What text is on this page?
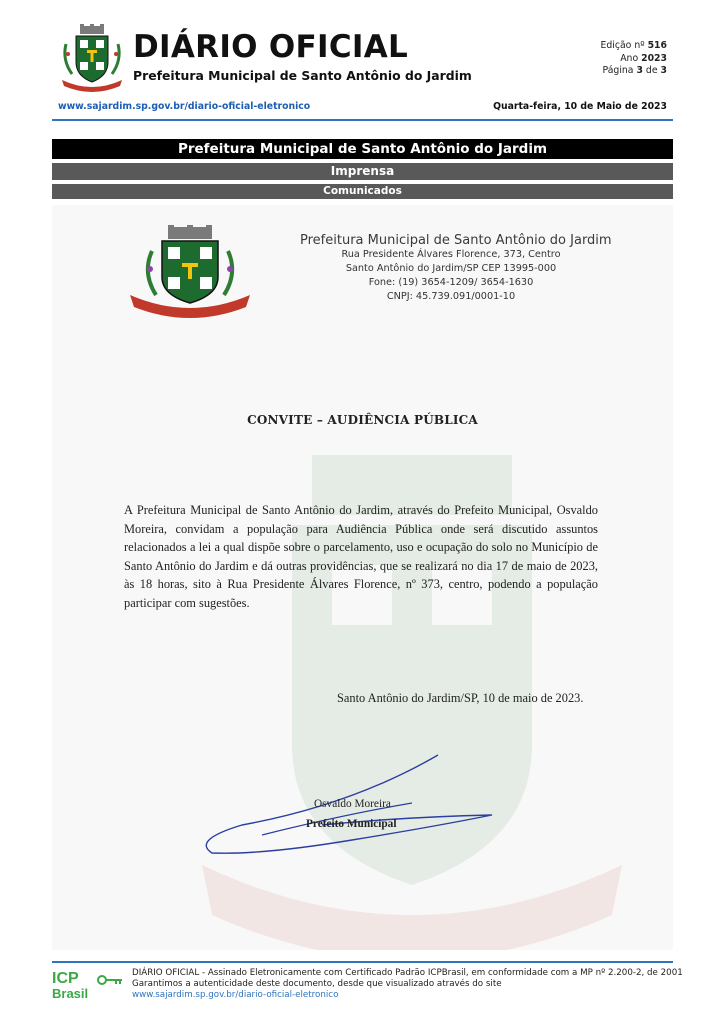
DIÁRIO OFICIAL
Prefeitura Municipal de Santo Antônio do Jardim
Edição nº 516
Ano 2023
Página 3 de 3
www.sajardim.sp.gov.br/diario-oficial-eletronico	Quarta-feira, 10 de Maio de 2023
Prefeitura Municipal de Santo Antônio do Jardim
Imprensa
Comunicados
Prefeitura Municipal de Santo Antônio do Jardim
Rua Presidente Álvares Florence, 373, Centro
Santo Antônio do Jardim/SP CEP 13995-000
Fone: (19) 3654-1209/ 3654-1630
CNPJ: 45.739.091/0001-10
CONVITE – AUDIÊNCIA PÚBLICA
A Prefeitura Municipal de Santo Antônio do Jardim, através do Prefeito Municipal, Osvaldo Moreira, convidam a população para Audiência Pública onde será discutido assuntos relacionados a lei a qual dispõe sobre o parcelamento, uso e ocupação do solo no Município de Santo Antônio do Jardim e dá outras providências, que se realizará no dia 17 de maio de 2023, às 18 horas, sito à Rua Presidente Álvares Florence, nº 373, centro, podendo a população participar com sugestões.
Santo Antônio do Jardim/SP, 10 de maio de 2023.
Osvaldo Moreira
Prefeito Municipal
ICP
Brasil
DIÁRIO OFICIAL - Assinado Eletronicamente com Certificado Padrão ICPBrasil, em conformidade com a MP nº 2.200-2, de 2001
Garantimos a autenticidade deste documento, desde que visualizado através do site
www.sajardim.sp.gov.br/diario-oficial-eletronico
